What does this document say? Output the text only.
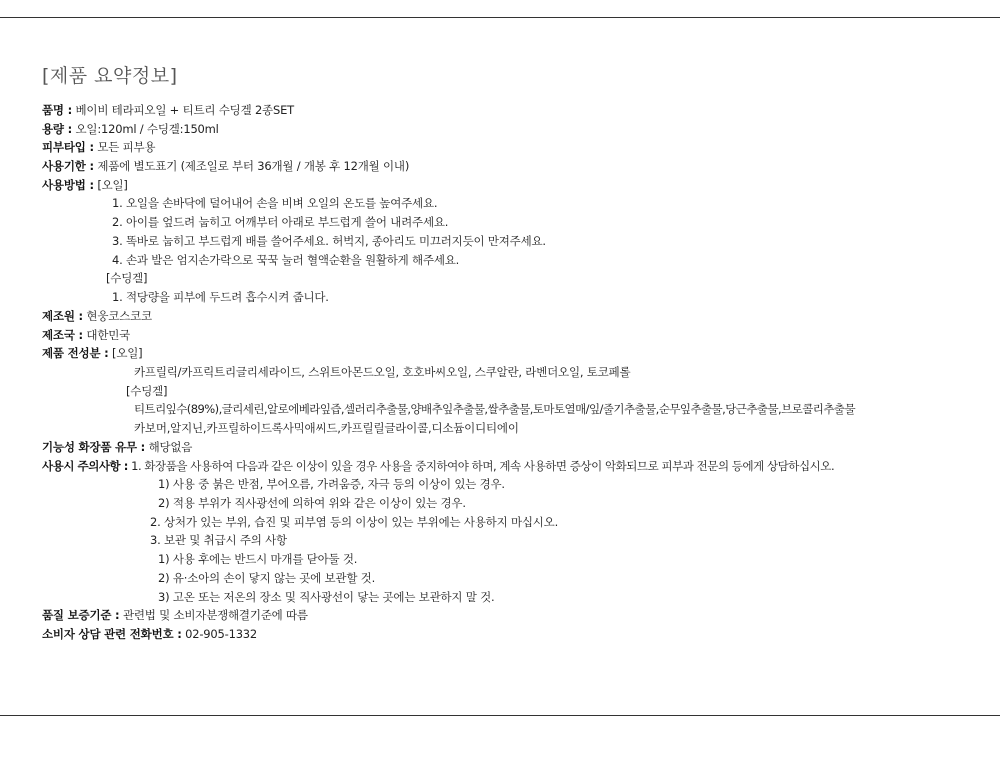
[제품 요약정보]
품명 : 베이비 테라피오일 + 티트리 수딩겔 2종SET
용량 : 오일:120ml / 수딩겔:150ml
피부타입 : 모든 피부용
사용기한 : 제품에 별도표기 (제조일로 부터 36개월 / 개봉 후 12개월 이내)
사용방법 : [오일]
1. 오일을 손바닥에 덜어내어 손을 비벼 오일의 온도를 높여주세요.
2. 아이를 엎드려 눕히고 어깨부터 아래로 부드럽게 쓸어 내려주세요.
3. 똑바로 눕히고 부드럽게 배를 쓸어주세요. 허벅지, 종아리도 미끄러지듯이 만져주세요.
4. 손과 발은 엄지손가락으로 꾹꾹 눌러 혈액순환을 원활하게 해주세요.
[수딩겔]
1. 적당량을 피부에 두드려 흡수시켜 줍니다.
제조원 : 현웅코스코코
제조국 : 대한민국
제품 전성분 : [오일]
카프릴릭/카프릭트리글리세라이드, 스위트아몬드오일, 호호바씨오일, 스쿠알란, 라벤더오일, 토코페롤
[수딩겔]
티트리잎수(89%),글리세린,알로에베라잎즙,셀러리추출물,양배추잎추출물,쌀추출물,토마토열매/잎/줄기추출물,순무잎추출물,당근추출물,브로콜리추출물
카보머,알지닌,카프릴하이드록사믹애씨드,카프릴릴글라이콜,디소듐이디티에이
기능성 화장품 유무 : 해당없음
사용시 주의사항 : 1. 화장품을 사용하여 다음과 같은 이상이 있을 경우 사용을 중지하여야 하며, 계속 사용하면 증상이 악화되므로 피부과 전문의 등에게 상담하십시오.
1) 사용 중 붉은 반점, 부어오름, 가려움증, 자극 등의 이상이 있는 경우.
2) 적용 부위가 직사광선에 의하여 위와 같은 이상이 있는 경우.
2. 상처가 있는 부위, 습진 및 피부염 등의 이상이 있는 부위에는 사용하지 마십시오.
3. 보관 및 취급시 주의 사항
1) 사용 후에는 반드시 마개를 닫아둘 것.
2) 유·소아의 손이 닿지 않는 곳에 보관할 것.
3) 고온 또는 저온의 장소 및 직사광선이 닿는 곳에는 보관하지 말 것.
품질 보증기준 : 관련법 및 소비자분쟁해결기준에 따름
소비자 상담 관련 전화번호 : 02-905-1332
